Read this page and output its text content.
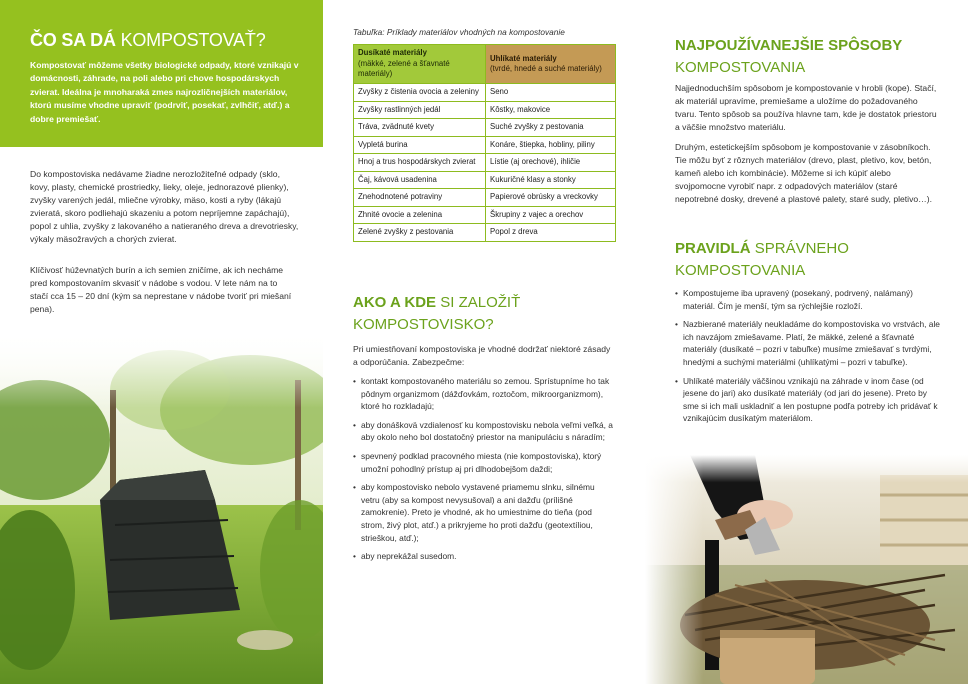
ČO SA DÁ KOMPOSTOVAŤ?
Kompostovať môžeme všetky biologické odpady, ktoré vznikajú v domácnosti, záhrade, na poli alebo pri chove hospodárskych zvierat. Ideálna je mnoharaká zmes najrozličnejších materiálov, ktorú musíme vhodne upraviť (podrviť, posekať, zvlhčiť, atď.) a dobre premiešať.
Do kompostoviska nedávame žiadne nerozložiteľné odpady (sklo, kovy, plasty, chemické prostriedky, lieky, oleje, jednorazové plienky), zvyšky varených jedál, mliečne výrobky, mäso, kosti a ryby (lákajú zvieratá, skoro podliehajú skazeniu a potom nepríjemne zapáchajú), popol z uhlia, zvyšky z lakovaného a natieraného dreva a drevotriesky, výkaly mäsožravých a chorých zvierat.
Klíčivosť húževnatých burín a ich semien zničíme, ak ich necháme pred kompostovaním skvasiť v nádobe s vodou. V lete nám na to stačí cca 15 – 20 dní (kým sa neprestane v nádobe tvoriť pri miešaní pena).
Tabuľka: Príklady materiálov vhodných na kompostovanie
Dusíkaté materiály
(mäkké, zelené a šťavnaté materiály)	Uhlíkaté materiály
(tvrdé, hnedé a suché materiály)
Zvyšky z čistenia ovocia a zeleniny	Seno
Zvyšky rastlinných jedál	Kôstky, makovice
Tráva, zvädnuté kvety	Suché zvyšky z pestovania
Vypletá burina	Konáre, štiepka, hobliny, piliny
Hnoj a trus hospodárskych zvierat	Lístie (aj orechové), ihličie
Čaj, kávová usadenina	Kukuričné klasy a stonky
Znehodnotené potraviny	Papierové obrúsky a vreckovky
Zhnité ovocie a zelenina	Škrupiny z vajec a orechov
Zelené zvyšky z pestovania	Popol z dreva
AKO A KDE SI ZALOŽIŤ KOMPOSTOVISKO?
Pri umiestňovaní kompostoviska je vhodné dodržať niektoré zásady a odporúčania. Zabezpečme:
• kontakt kompostovaného materiálu so zemou. Sprístupníme ho tak pôdnym organizmom (dážďovkám, roztočom, mikroorganizmom), ktoré ho rozkladajú;
• aby donáškovä vzdialenosť ku kompostovisku nebola veľmi veľká, a aby okolo neho bol dostatočný priestor na manipuláciu s náradím;
• spevnený podklad pracovného miesta (nie kompostoviska), ktorý umožní pohodlný prístup aj pri dlhodobejšom daždi;
• aby kompostovisko nebolo vystavené priamemu slnku, silnému vetru (aby sa kompost nevysušoval) a ani dažďu (prílišné zamokrenie). Preto je vhodné, ak ho umiestnime do tieňa (pod strom, živý plot, atď.) a prikryjeme ho proti dažďu (geotextíliou, strieškou, atď.);
• aby neprekážal susedom.
NAJPOUŽÍVANEJŠIE SPÔSOBY KOMPOSTOVANIA
Najjednoduchším spôsobom je kompostovanie v hrobli (kope). Stačí, ak materiál upravíme, premiešame a uložíme do požadovaného tvaru. Tento spôsob sa používa hlavne tam, kde je dostatok priestoru a väčšie množstvo materiálu.
Druhým, estetickejším spôsobom je kompostovanie v zásobníkoch. Tie môžu byť z rôznych materiálov (drevo, plast, pletivo, kov, betón, kameň alebo ich kombinácie). Môžeme si ich kúpiť alebo svojpomocne vyrobiť napr. z odpadových materiálov (staré nepotrebné dosky, drevené a plastové palety, staré sudy, pletivo…).
PRAVIDLÁ SPRÁVNEHO KOMPOSTOVANIA
• Kompostujeme iba upravený (posekaný, podrvený, nalámaný) materiál. Čím je menší, tým sa rýchlejšie rozloží.
• Nazbierané materiály neukladáme do kompostoviska vo vrstvách, ale ich navzájom zmiešavame. Platí, že mäkké, zelené a šťavnaté materiály (dusíkaté – pozri v tabuľke) musíme zmiešavať s tvrdými, hnedými a suchými materiálmi (uhlíkatými – pozri v tabuľke).
• Uhlíkaté materiály väčšinou vznikajú na záhrade v inom čase (od jesene do jari) ako dusíkaté materiály (od jari do jesene). Preto by sme si ich mali uskladniť a len postupne podľa potreby ich pridávať k vznikajúcim dusíkatým materiálom.
